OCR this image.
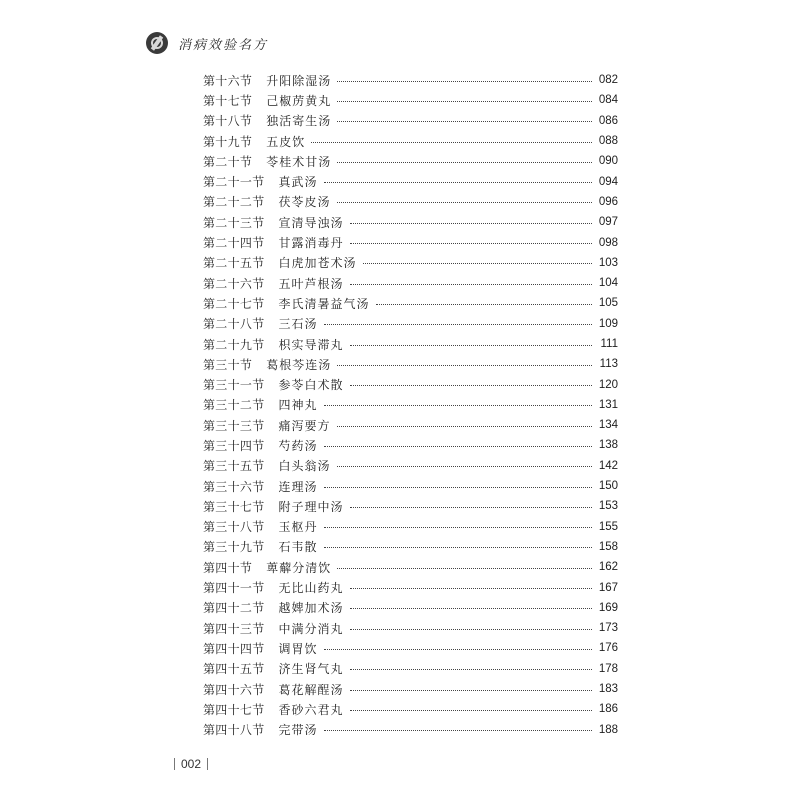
消病效验名方
第十六节 升阳除湿汤	082
第十七节 己椒苈黄丸	084
第十八节 独活寄生汤	086
第十九节 五皮饮	088
第二十节 苓桂术甘汤	090
第二十一节 真武汤	094
第二十二节 茯苓皮汤	096
第二十三节 宣清导浊汤	097
第二十四节 甘露消毒丹	098
第二十五节 白虎加苍术汤	103
第二十六节 五叶芦根汤	104
第二十七节 李氏清暑益气汤	105
第二十八节 三石汤	109
第二十九节 枳实导滞丸	111
第三十节 葛根芩连汤	113
第三十一节 参苓白术散	120
第三十二节 四神丸	131
第三十三节 痛泻要方	134
第三十四节 芍药汤	138
第三十五节 白头翁汤	142
第三十六节 连理汤	150
第三十七节 附子理中汤	153
第三十八节 玉枢丹	155
第三十九节 石韦散	158
第四十节 萆薢分清饮	162
第四十一节 无比山药丸	167
第四十二节 越婢加术汤	169
第四十三节 中满分消丸	173
第四十四节 调胃饮	176
第四十五节 济生肾气丸	178
第四十六节 葛花解酲汤	183
第四十七节 香砂六君丸	186
第四十八节 完带汤	188
002
